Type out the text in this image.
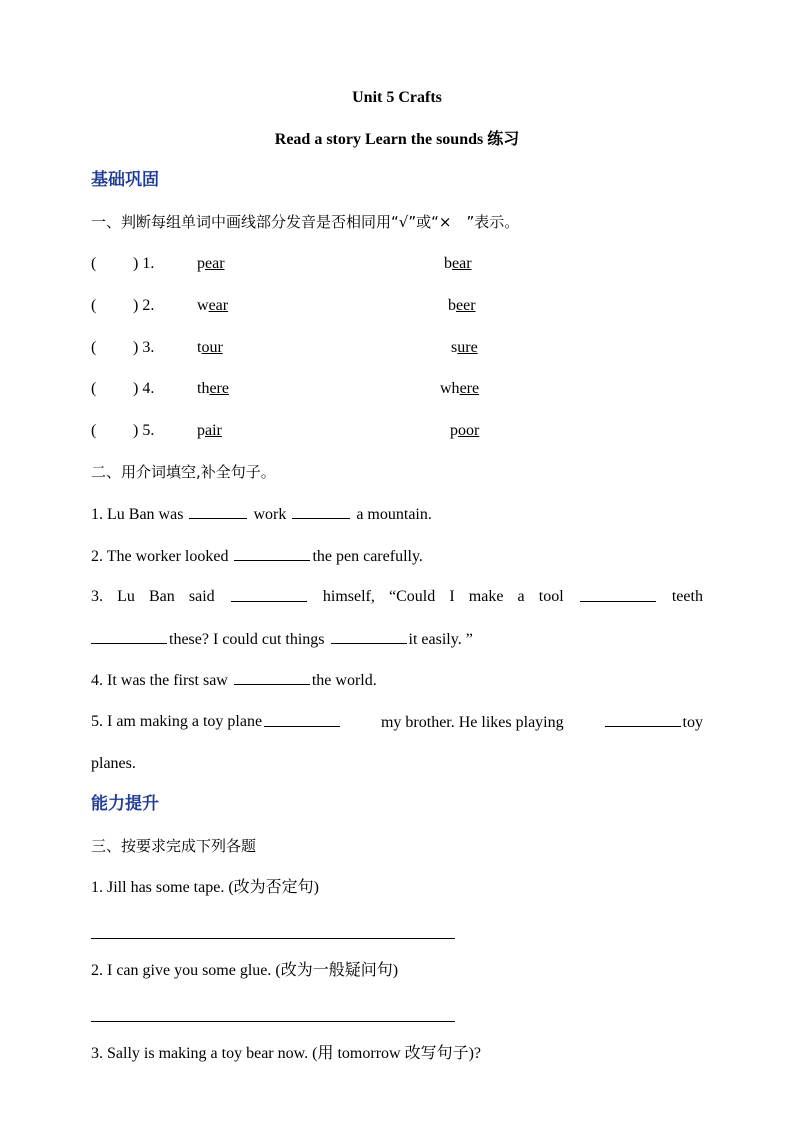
Unit 5 Crafts
Read a story Learn the sounds 练习
基础巩固
一、判断每组单词中画线部分发音是否相同用“√”或“×　”表示。
( ) 1.	pear	bear
( ) 2.	wear	beer
( ) 3.	tour	sure
( ) 4.	there	where
( ) 5.	pair	poor
二、用介词填空,补全句子。
1. Lu Ban was	work	a mountain.
2. The worker looked	the pen carefully.
3. Lu Ban said	himself, “Could I make a tool	teeth
these? I could cut things	it easily. ”
4. It was the first saw	the world.
5. I am making a toy plane	my brother. He likes playing	toy
planes.
能力提升
三、按要求完成下列各题
1. Jill has some tape. (改为否定句)
2. I can give you some glue. (改为一般疑问句)
3. Sally is making a toy bear now. (用 tomorrow 改写句子)?
